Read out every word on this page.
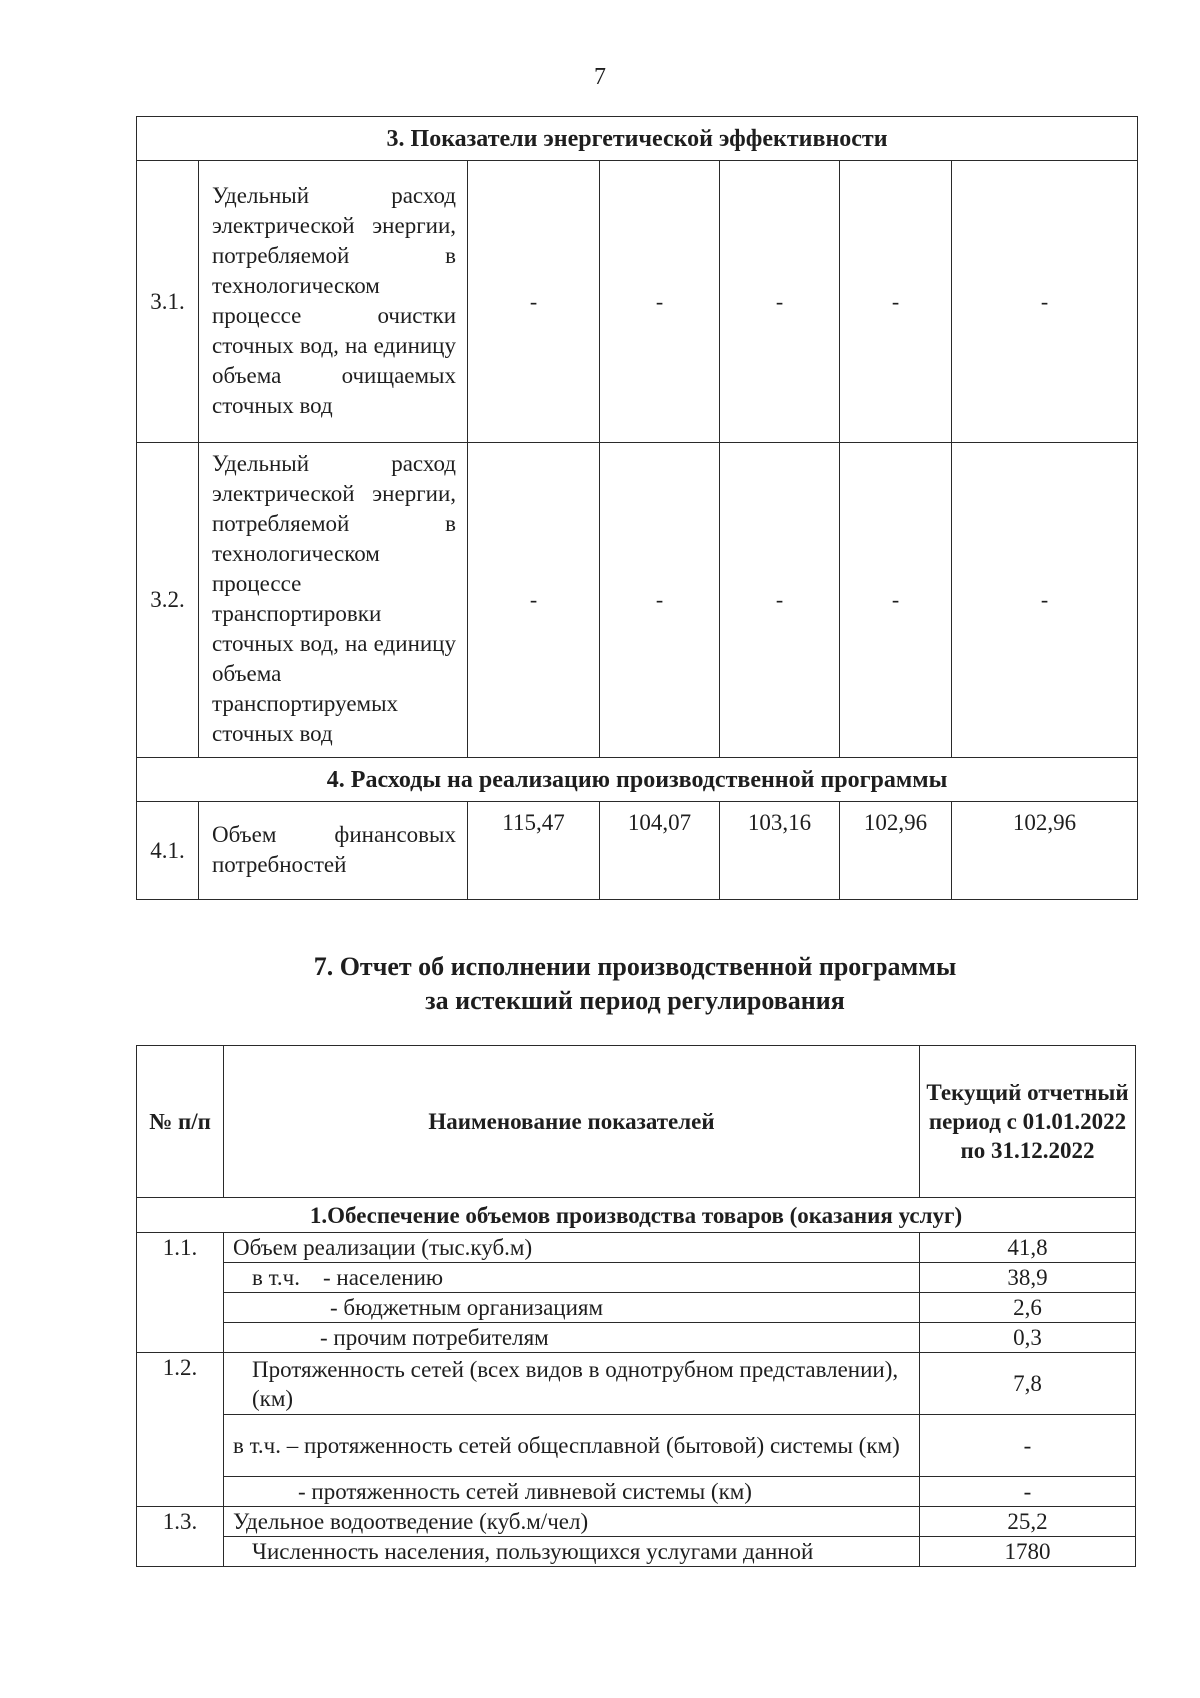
7
3. Показатели энергетической эффективности						
3.1.	Удельный расход электрической энергии, потребляемой в технологическом процессе очистки сточных вод, на единицу объема очищаемых сточных вод	-	-	-	-	-
3.2.	Удельный расход электрической энергии, потребляемой в технологическом процессе транспортировки сточных вод, на единицу объема транспортируемых сточных вод	-	-	-	-	-
4. Расходы на реализацию производственной программы						
4.1.	Объем финансовых потребностей	115,47	104,07	103,16	102,96	102,96
7. Отчет об исполнении производственной программы
за истекший период регулирования
№ п/п	Наименование показателей	Текущий отчетный период с 01.01.2022 по 31.12.2022
1.Обеспечение объемов производства товаров (оказания услуг)		
1.1.	Объем реализации (тыс.куб.м)	41,8
	в т.ч.    - населению	38,9
	- бюджетным организациям	2,6
	- прочим потребителям	0,3
1.2.	Протяженность сетей (всех видов в однотрубном представлении), (км)	7,8
	в т.ч. – протяженность сетей общесплавной (бытовой) системы (км)	-
	- протяженность сетей ливневой системы (км)	-
1.3.	Удельное водоотведение (куб.м/чел)	25,2
	Численность населения, пользующихся услугами данной	1780
